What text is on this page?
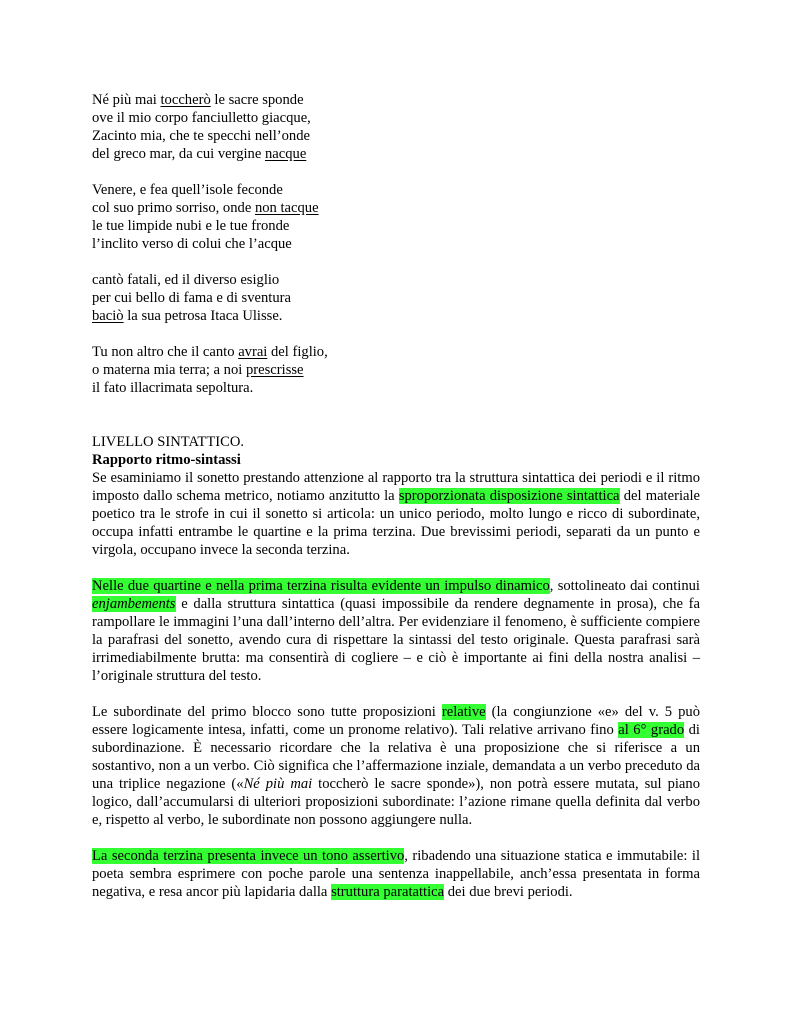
Né più mai toccherò le sacre sponde
ove il mio corpo fanciulletto giacque,
Zacinto mia, che te specchi nell’onde
del greco mar, da cui vergine nacque
Venere, e fea quell’isole feconde
col suo primo sorriso, onde non tacque
le tue limpide nubi e le tue fronde
l’inclito verso di colui che l’acque
cantò fatali, ed il diverso esiglio
per cui bello di fama e di sventura
baciò la sua petrosa Itaca Ulisse.
Tu non altro che il canto avrai del figlio,
o materna mia terra; a noi prescrisse
il fato illacrimata sepoltura.
LIVELLO SINTATTICO.
Rapporto ritmo-sintassi

Se esaminiamo il sonetto prestando attenzione al rapporto tra la struttura sintattica dei periodi e il ritmo imposto dallo schema metrico, notiamo anzitutto la sproporzionata disposizione sintattica del materiale poetico tra le strofe in cui il sonetto si articola: un unico periodo, molto lungo e ricco di subordinate, occupa infatti entrambe le quartine e la prima terzina. Due brevissimi periodi, separati da un punto e virgola, occupano invece la seconda terzina.

Nelle due quartine e nella prima terzina risulta evidente un impulso dinamico, sottolineato dai continui enjambements e dalla struttura sintattica (quasi impossibile da rendere degnamente in prosa), che fa rampollare le immagini l’una dall’interno dell’altra. Per evidenziare il fenomeno, è sufficiente compiere la parafrasi del sonetto, avendo cura di rispettare la sintassi del testo originale. Questa parafrasi sarà irrimediabilmente brutta: ma consentirà di cogliere – e ciò è importante ai fini della nostra analisi – l’originale struttura del testo.

Le subordinate del primo blocco sono tutte proposizioni relative (la congiunzione «e» del v. 5 può essere logicamente intesa, infatti, come un pronome relativo). Tali relative arrivano fino al 6° grado di subordinazione. È necessario ricordare che la relativa è una proposizione che si riferisce a un sostantivo, non a un verbo. Ciò significa che l’affermazione inziale, demandata a un verbo preceduto da una triplice negazione («Né più mai toccherò le sacre sponde»), non potrà essere mutata, sul piano logico, dall’accumularsi di ulteriori proposizioni subordinate: l’azione rimane quella definita dal verbo e, rispetto al verbo, le subordinate non possono aggiungere nulla.

La seconda terzina presenta invece un tono assertivo, ribadendo una situazione statica e immutabile: il poeta sembra esprimere con poche parole una sentenza inappellabile, anch’essa presentata in forma negativa, e resa ancor più lapidaria dalla struttura paratattica dei due brevi periodi.
